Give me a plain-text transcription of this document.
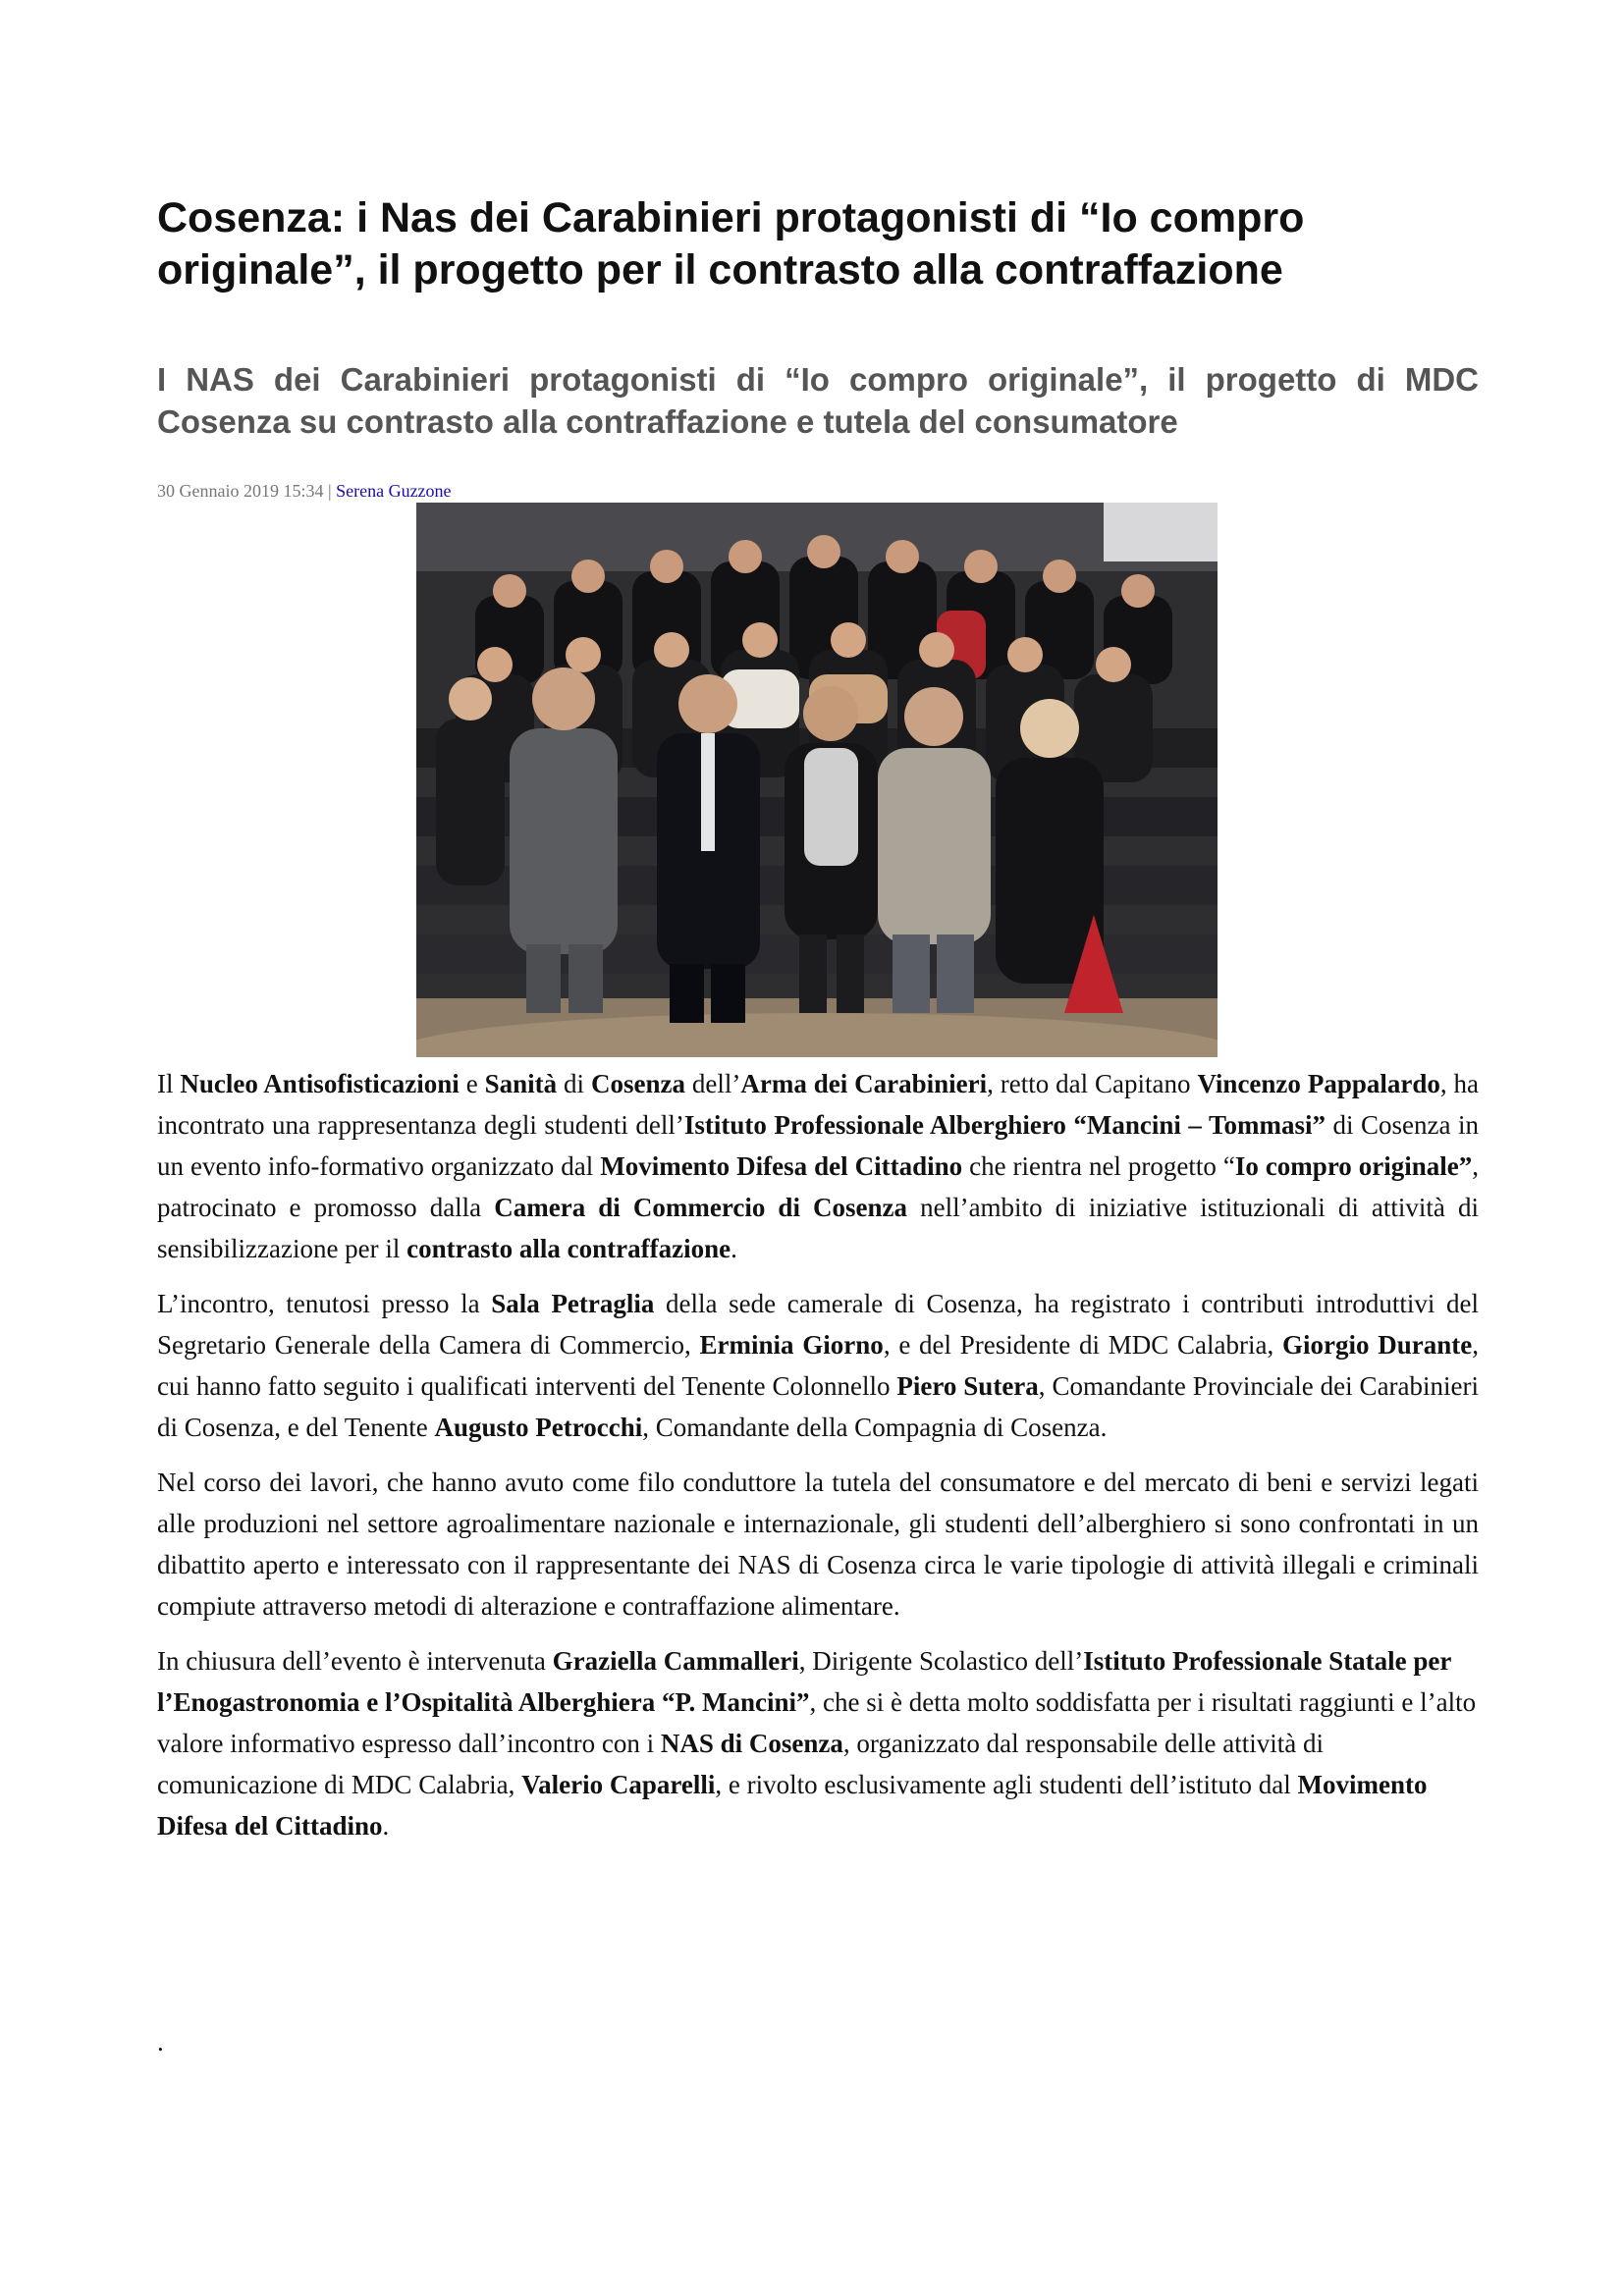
Cosenza: i Nas dei Carabinieri protagonisti di “Io compro originale”, il progetto per il contrasto alla contraffazione
I NAS dei Carabinieri protagonisti di “Io compro originale”, il progetto di MDC Cosenza su contrasto alla contraffazione e tutela del consumatore
30 Gennaio 2019 15:34 | Serena Guzzone

Il Nucleo Antisofisticazioni e Sanità di Cosenza dell’Arma dei Carabinieri, retto dal Capitano Vincenzo Pappalardo, ha incontrato una rappresentanza degli studenti dell’Istituto Professionale Alberghiero “Mancini – Tommasi” di Cosenza in un evento info-formativo organizzato dal Movimento Difesa del Cittadino che rientra nel progetto “Io compro originale”, patrocinato e promosso dalla Camera di Commercio di Cosenza nell’ambito di iniziative istituzionali di attività di sensibilizzazione per il contrasto alla contraffazione.

L’incontro, tenutosi presso la Sala Petraglia della sede camerale di Cosenza, ha registrato i contributi introduttivi del Segretario Generale della Camera di Commercio, Erminia Giorno, e del Presidente di MDC Calabria, Giorgio Durante, cui hanno fatto seguito i qualificati interventi del Tenente Colonnello Piero Sutera, Comandante Provinciale dei Carabinieri di Cosenza, e del Tenente Augusto Petrocchi, Comandante della Compagnia di Cosenza.

Nel corso dei lavori, che hanno avuto come filo conduttore la tutela del consumatore e del mercato di beni e servizi legati alle produzioni nel settore agroalimentare nazionale e internazionale, gli studenti dell’alberghiero si sono confrontati in un dibattito aperto e interessato con il rappresentante dei NAS di Cosenza circa le varie tipologie di attività illegali e criminali compiute attraverso metodi di alterazione e contraffazione alimentare.

In chiusura dell’evento è intervenuta Graziella Cammalleri, Dirigente Scolastico dell’Istituto Professionale Statale per l’Enogastronomia e l’Ospitalità Alberghiera “P. Mancini”, che si è detta molto soddisfatta per i risultati raggiunti e l’alto valore informativo espresso dall’incontro con i NAS di Cosenza, organizzato dal responsabile delle attività di comunicazione di MDC Calabria, Valerio Caparelli, e rivolto esclusivamente agli studenti dell’istituto dal Movimento Difesa del Cittadino.

.
